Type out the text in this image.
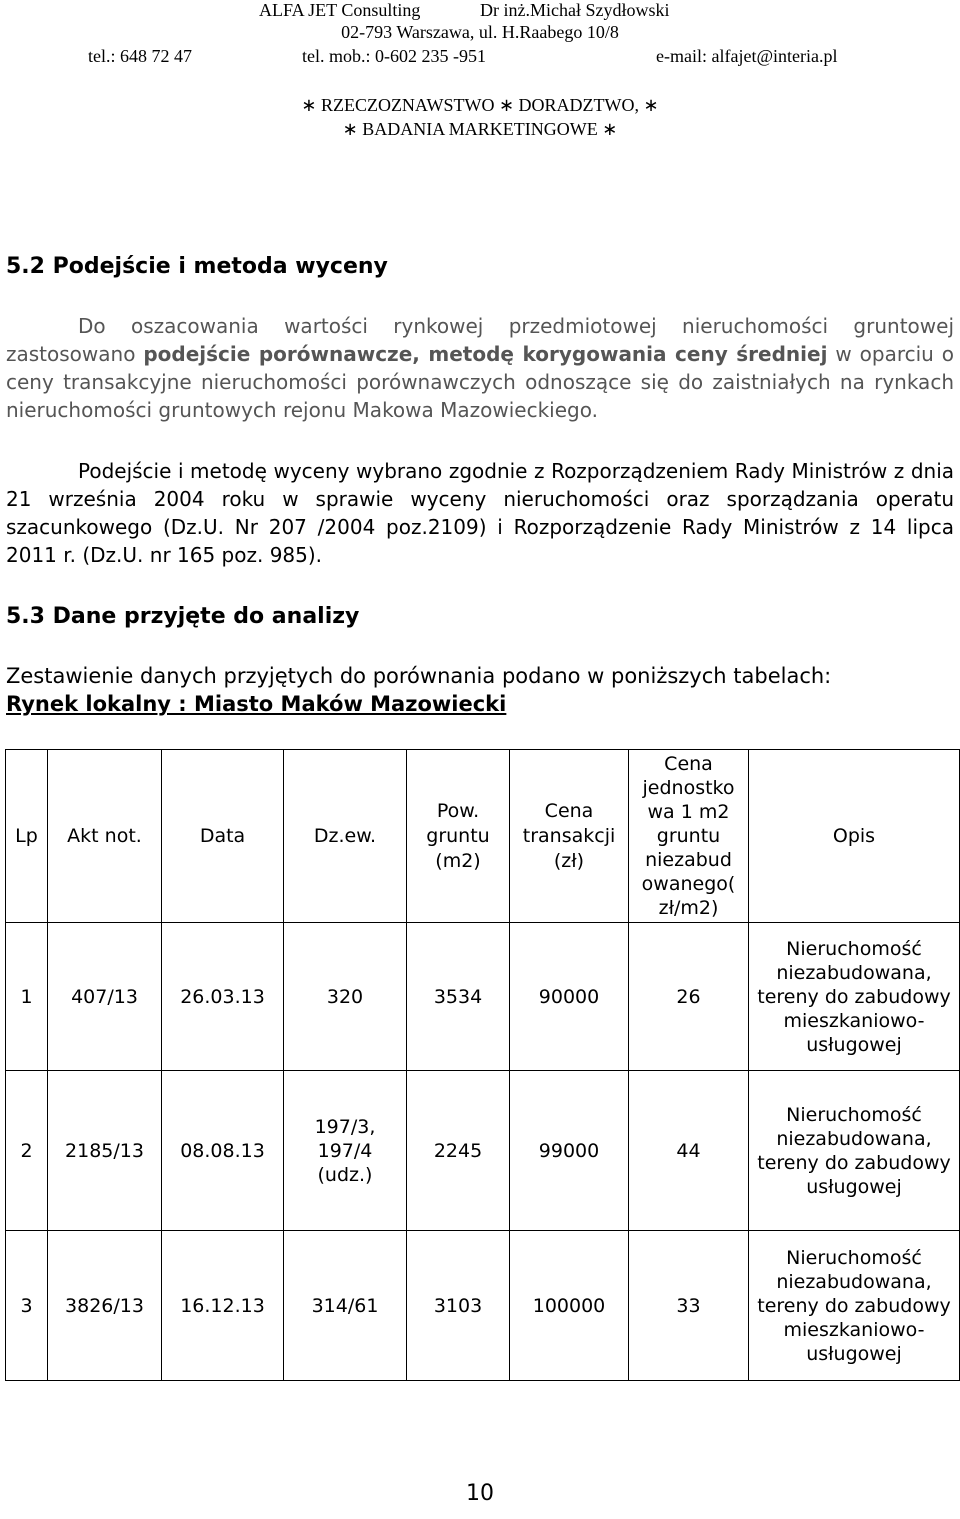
ALFA JET Consulting	Dr inż.Michał Szydłowski
02-793 Warszawa, ul. H.Raabego 10/8
tel.: 648 72 47	tel. mob.: 0-602 235 -951	e-mail: alfajet@interia.pl
∗ RZECZOZNAWSTWO ∗ DORADZTWO, ∗
∗ BADANIA MARKETINGOWE ∗
5.2 Podejście i metoda wyceny
Do oszacowania wartości rynkowej przedmiotowej nieruchomości gruntowej zastosowano podejście porównawcze, metodę korygowania ceny średniej w oparciu o ceny transakcyjne nieruchomości porównawczych odnoszące się do zaistniałych na rynkach nieruchomości gruntowych rejonu Makowa Mazowieckiego.
Podejście i metodę wyceny wybrano zgodnie z Rozporządzeniem Rady Ministrów z dnia 21 września 2004 roku w sprawie wyceny nieruchomości oraz sporządzania operatu szacunkowego (Dz.U. Nr 207 /2004 poz.2109) i Rozporządzenie Rady Ministrów z 14 lipca 2011 r. (Dz.U. nr 165 poz. 985).
5.3 Dane przyjęte do analizy
Zestawienie danych przyjętych do porównania podano w poniższych tabelach:
Rynek lokalny : Miasto Maków Mazowiecki
Lp	Akt not.	Data	Dz.ew.	Pow. gruntu (m2)	Cena transakcji (zł)	Cena jednostko wa 1 m2 gruntu niezabud owanego( zł/m2)	Opis
1	407/13	26.03.13	320	3534	90000	26	Nieruchomość niezabudowana, tereny do zabudowy mieszkaniowo-usługowej
2	2185/13	08.08.13	197/3, 197/4 (udz.)	2245	99000	44	Nieruchomość niezabudowana, tereny do zabudowy usługowej
3	3826/13	16.12.13	314/61	3103	100000	33	Nieruchomość niezabudowana, tereny do zabudowy mieszkaniowo-usługowej
10
